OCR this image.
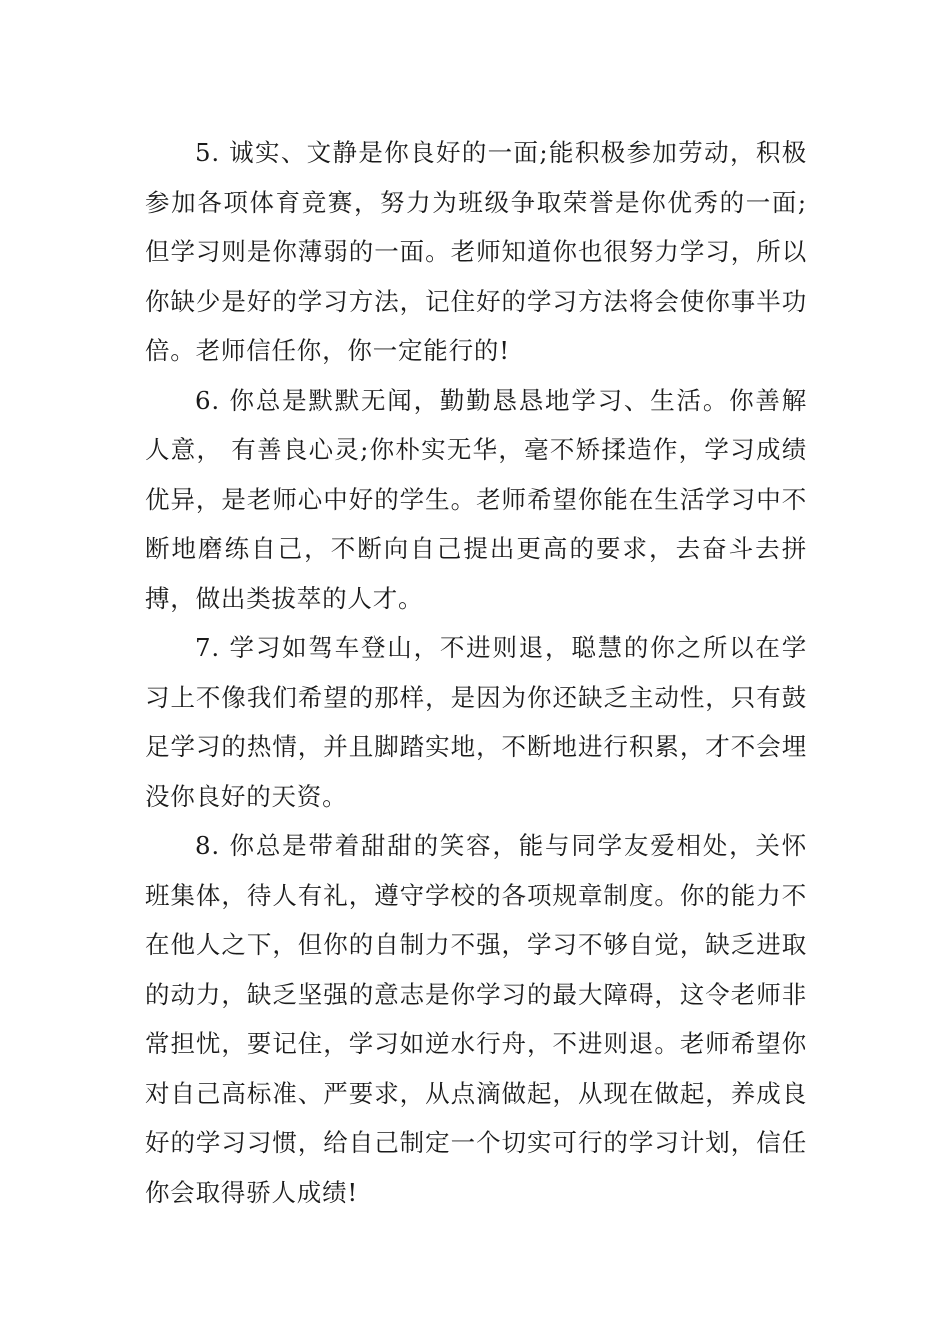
5. 诚实、文静是你良好的一面;能积极参加劳动，积极参加各项体育竞赛，努力为班级争取荣誉是你优秀的一面;但学习则是你薄弱的一面。老师知道你也很努力学习，所以你缺少是好的学习方法，记住好的学习方法将会使你事半功倍。老师信任你，你一定能行的!

6. 你总是默默无闻，勤勤恳恳地学习、生活。你善解人意， 有善良心灵;你朴实无华，毫不矫揉造作，学习成绩优异，是老师心中好的学生。老师希望你能在生活学习中不断地磨练自己，不断向自己提出更高的要求，去奋斗去拼搏，做出类拔萃的人才。

7. 学习如驾车登山，不进则退，聪慧的你之所以在学习上不像我们希望的那样，是因为你还缺乏主动性，只有鼓足学习的热情，并且脚踏实地，不断地进行积累，才不会埋没你良好的天资。

8. 你总是带着甜甜的笑容，能与同学友爱相处，关怀班集体，待人有礼，遵守学校的各项规章制度。你的能力不在他人之下，但你的自制力不强，学习不够自觉，缺乏进取的动力，缺乏坚强的意志是你学习的最大障碍，这令老师非常担忧，要记住，学习如逆水行舟，不进则退。老师希望你对自己高标准、严要求，从点滴做起，从现在做起，养成良好的学习习惯，给自己制定一个切实可行的学习计划，信任你会取得骄人成绩!
